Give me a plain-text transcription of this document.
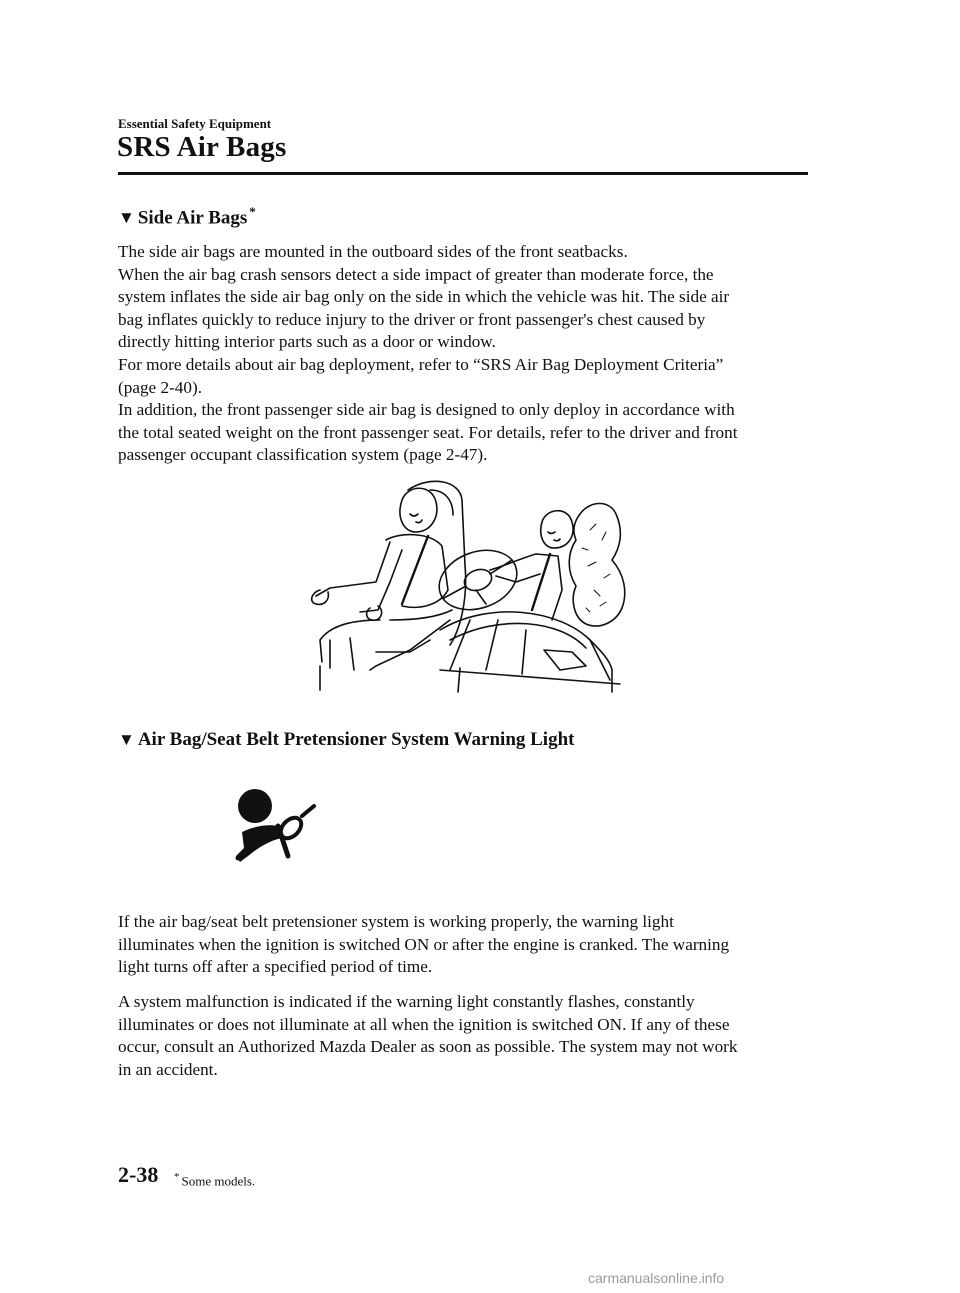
Essential Safety Equipment
SRS Air Bags
▼ Side Air Bags *

The side air bags are mounted in the outboard sides of the front seatbacks.

When the air bag crash sensors detect a side impact of greater than moderate force, the

system inflates the side air bag only on the side in which the vehicle was hit. The side air

bag inflates quickly to reduce injury to the driver or front passenger's chest caused by

directly hitting interior parts such as a door or window.

For more details about air bag deployment, refer to “SRS Air Bag Deployment Criteria”

(page 2-40).

In addition, the front passenger side air bag is designed to only deploy in accordance with

the total seated weight on the front passenger seat. For details, refer to the driver and front

passenger occupant classification system (page 2-47).

▼ Air Bag/Seat Belt Pretensioner System Warning Light

If the air bag/seat belt pretensioner system is working properly, the warning light

illuminates when the ignition is switched ON or after the engine is cranked. The warning

light turns off after a specified period of time.

A system malfunction is indicated if the warning light constantly flashes, constantly

illuminates or does not illuminate at all when the ignition is switched ON. If any of these

occur, consult an Authorized Mazda Dealer as soon as possible. The system may not work

in an accident.

2-38 * Some models.
carmanualsonline.info
